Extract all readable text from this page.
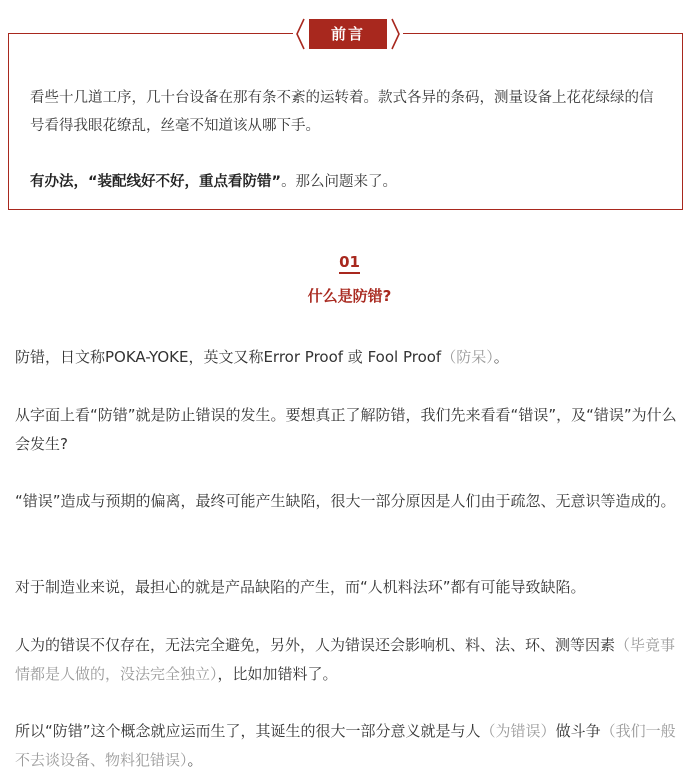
前言

看些十几道工序，几十台设备在那有条不紊的运转着。款式各异的条码，测量设备上花花绿绿的信号看得我眼花缭乱，丝毫不知道该从哪下手。

有办法，“装配线好不好，重点看防错”。那么问题来了。

01
什么是防错?

防错，日文称POKA-YOKE，英文又称Error Proof 或 Fool Proof（防呆）。

从字面上看“防错”就是防止错误的发生。要想真正了解防错，我们先来看看“错误”，及“错误”为什么会发生?

“错误”造成与预期的偏离，最终可能产生缺陷，很大一部分原因是人们由于疏忽、无意识等造成的。

对于制造业来说，最担心的就是产品缺陷的产生，而“人机料法环”都有可能导致缺陷。

人为的错误不仅存在，无法完全避免，另外，人为错误还会影响机、料、法、环、测等因素（毕竟事情都是人做的，没法完全独立），比如加错料了。

所以“防错”这个概念就应运而生了，其诞生的很大一部分意义就是与人（为错误）做斗争（我们一般不去谈设备、物料犯错误）。
